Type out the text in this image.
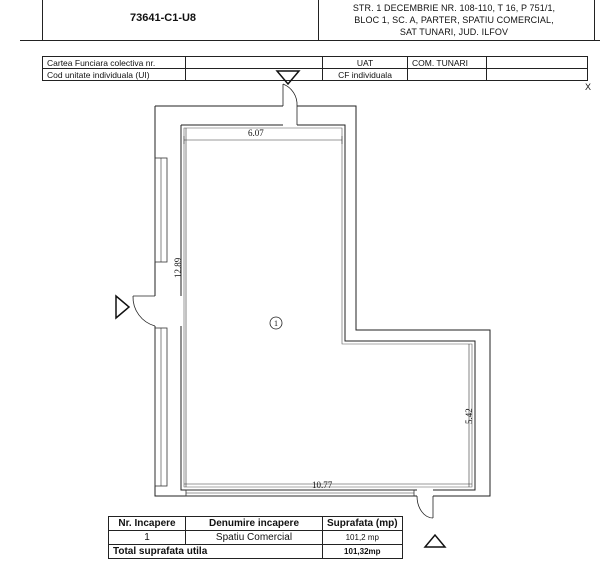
73641-C1-U8
STR. 1 DECEMBRIE NR. 108-110, T 16, P 751/1,
BLOC 1, SC. A, PARTER, SPATIU COMERCIAL,
SAT TUNARI, JUD. ILFOV
Cartea Funciara colectiva nr.		UAT	COM. TUNARI	
Cod unitate individuala (UI)		CF individuala		
X
6.07
12.89
5.42
10.77
1
Nr. Incapere	Denumire incapere	Suprafata (mp)
1	Spatiu Comercial	101,2 mp
Total suprafata utila		101,32mp
